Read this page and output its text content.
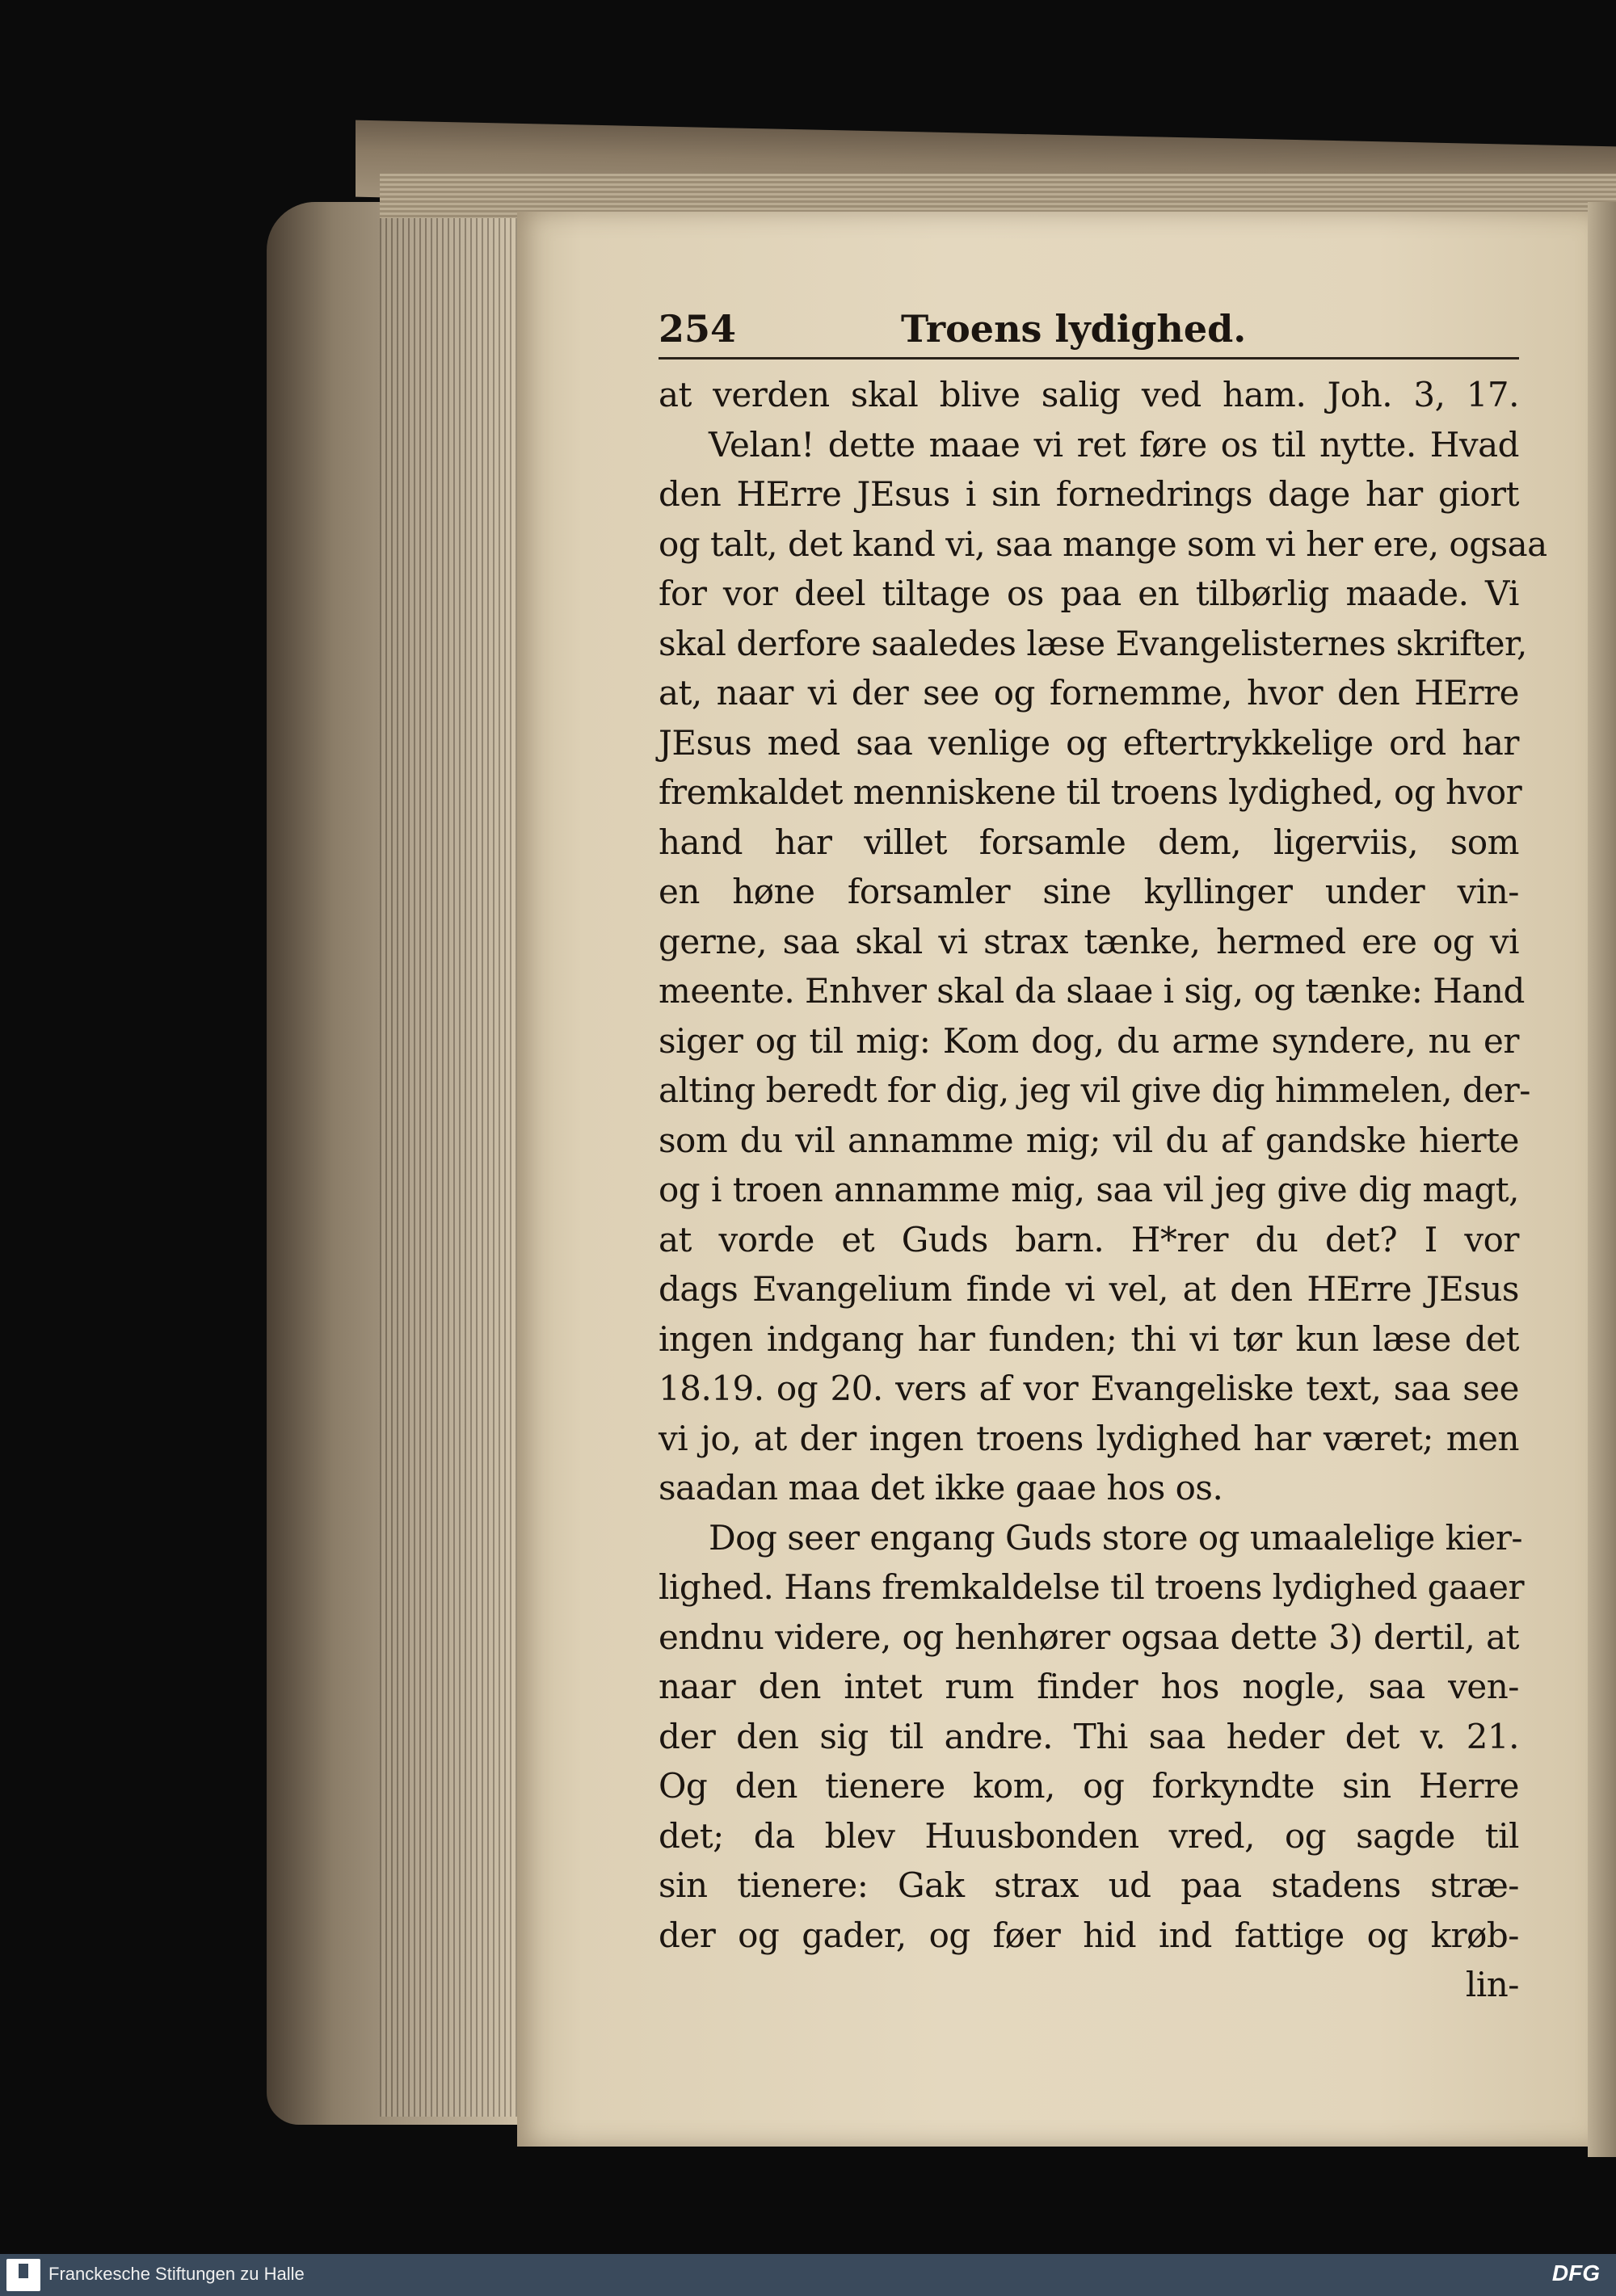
254	Troens lydighed.
at verden skal blive salig ved ham. Joh. 3, 17.
Velan! dette maae vi ret føre os til nytte. Hvad
den HErre JEsus i sin fornedrings dage har giort
og talt, det kand vi, saa mange som vi her ere, ogsaa
for vor deel tiltage os paa en tilbørlig maade. Vi
skal derfore saaledes læse Evangelisternes skrifter,
at, naar vi der see og fornemme, hvor den HErre
JEsus med saa venlige og eftertrykkelige ord har
fremkaldet menniskene til troens lydighed, og hvor
hand har villet forsamle dem, ligerviis, som
en høne forsamler sine kyllinger under vin-
gerne, saa skal vi strax tænke, hermed ere og vi
meente. Enhver skal da slaae i sig, og tænke: Hand
siger og til mig: Kom dog, du arme syndere, nu er
alting beredt for dig, jeg vil give dig himmelen, der-
som du vil annamme mig; vil du af gandske hierte
og i troen annamme mig, saa vil jeg give dig magt,
at vorde et Guds barn. H*rer du det? I vor
dags Evangelium finde vi vel, at den HErre JEsus
ingen indgang har funden; thi vi tør kun læse det
18.19. og 20. vers af vor Evangeliske text, saa see
vi jo, at der ingen troens lydighed har været; men
saadan maa det ikke gaae hos os.
Dog seer engang Guds store og umaalelige kier-
lighed. Hans fremkaldelse til troens lydighed gaaer
endnu videre, og henhører ogsaa dette 3) dertil, at
naar den intet rum finder hos nogle, saa ven-
der den sig til andre. Thi saa heder det v. 21.
Og den tienere kom, og forkyndte sin Herre
det; da blev Huusbonden vred, og sagde til
sin tienere: Gak strax ud paa stadens stræ-
der og gader, og føer hid ind fattige og krøb-
lin-
Franckesche Stiftungen zu Halle	DFG
